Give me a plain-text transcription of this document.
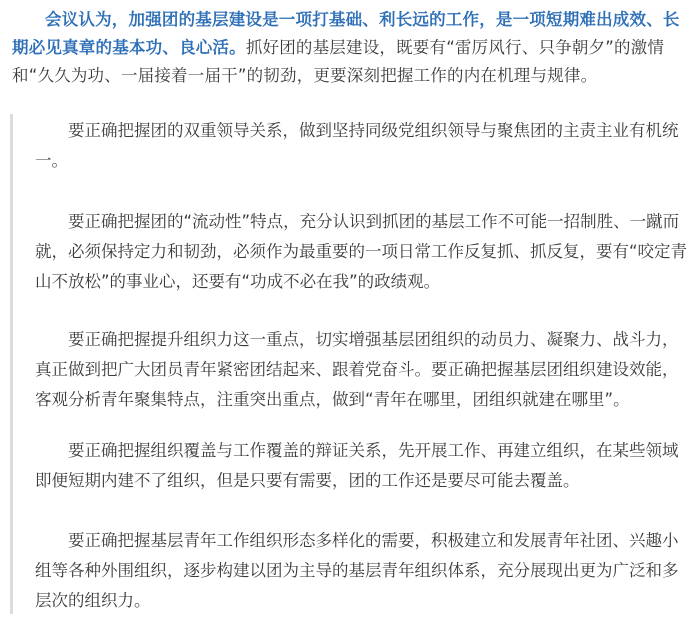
会议认为，加强团的基层建设是一项打基础、利长远的工作，是一项短期难出成效、长期必见真章的基本功、良心活。抓好团的基层建设，既要有“雷厉风行、只争朝夕”的激情和“久久为功、一届接着一届干”的韧劲，更要深刻把握工作的内在机理与规律。

要正确把握团的双重领导关系，做到坚持同级党组织领导与聚焦团的主责主业有机统一。

要正确把握团的“流动性”特点，充分认识到抓团的基层工作不可能一招制胜、一蹴而就，必须保持定力和韧劲，必须作为最重要的一项日常工作反复抓、抓反复，要有“咬定青山不放松”的事业心，还要有“功成不必在我”的政绩观。

要正确把握提升组织力这一重点，切实增强基层团组织的动员力、凝聚力、战斗力，真正做到把广大团员青年紧密团结起来、跟着党奋斗。要正确把握基层团组织建设效能，客观分析青年聚集特点，注重突出重点，做到“青年在哪里，团组织就建在哪里”。

要正确把握组织覆盖与工作覆盖的辩证关系，先开展工作、再建立组织，在某些领域即便短期内建不了组织，但是只要有需要，团的工作还是要尽可能去覆盖。

要正确把握基层青年工作组织形态多样化的需要，积极建立和发展青年社团、兴趣小组等各种外围组织，逐步构建以团为主导的基层青年组织体系，充分展现出更为广泛和多层次的组织力。
